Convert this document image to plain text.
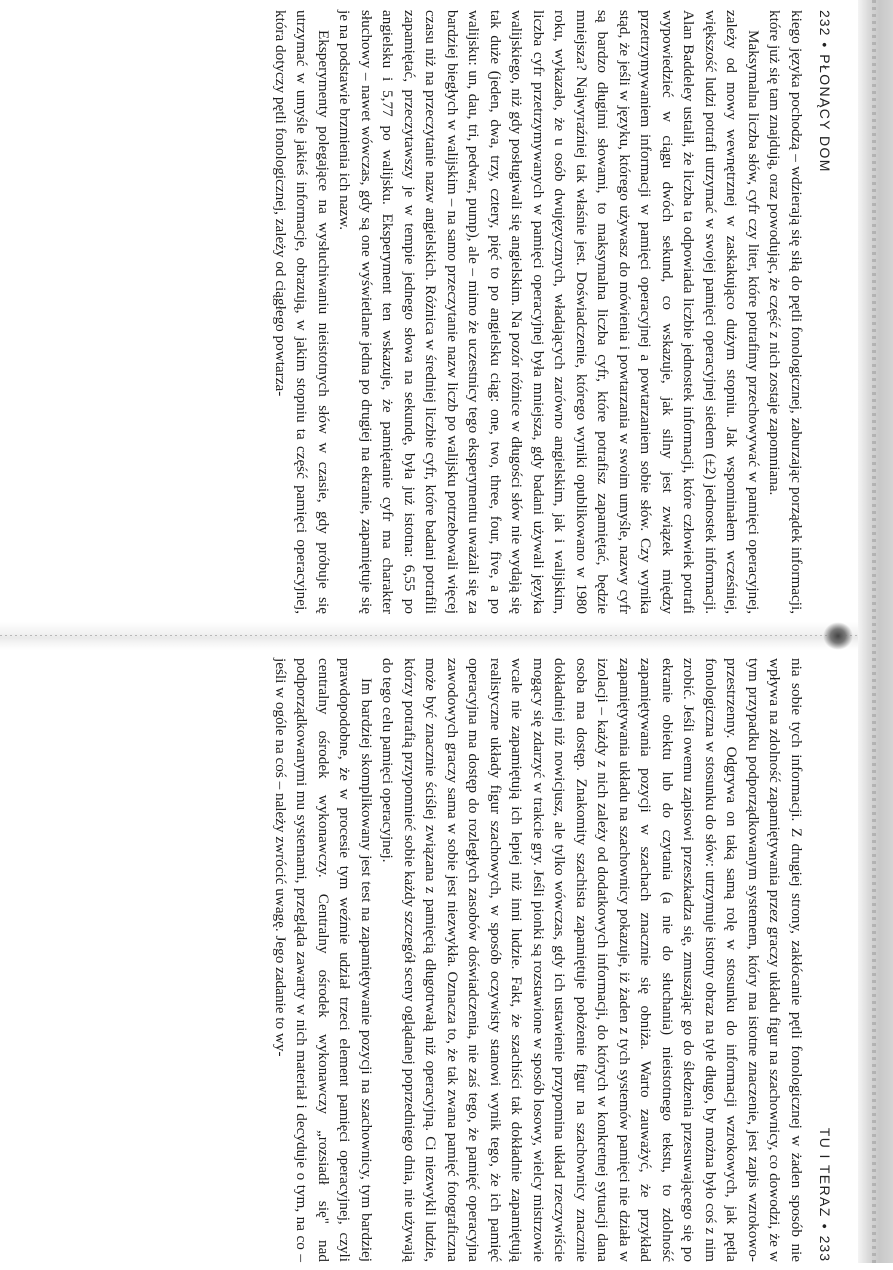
232
•
PŁONĄCY DOM

kiego języka pochodzą – wdzierają się siłą do pętli fonologicznej, zaburzając porządek informacji, które już się tam znajdują, oraz powodując, że część z nich zostaje zapomniana.

Maksymalna liczba słów, cyfr czy liter, które potrafimy przechowywać w pamięci operacyjnej, zależy od mowy wewnętrznej w zaskakująco dużym stopniu. Jak wspominałem wcześniej, większość ludzi potrafi utrzymać w swojej pamięci operacyjnej siedem (±2) jednostek informacji. Alan Baddeley ustalił, że liczba ta odpowiada liczbie jednostek informacji, które człowiek potrafi wypowiedzieć w ciągu dwóch sekund, co wskazuje, jak silny jest związek między przetrzymywaniem informacji w pamięci operacyjnej a powtarzaniem sobie słów. Czy wynika stąd, że jeśli w języku, którego używasz do mówienia i powtarzania w swoim umyśle, nazwy cyfr są bardzo długimi słowami, to maksymalna liczba cyfr, które potrafisz zapamiętać, będzie mniejsza? Najwyraźniej tak właśnie jest. Doświadczenie, którego wyniki opublikowano w 1980 roku, wykazało, że u osób dwujęzycznych, władających zarówno angielskim, jak i walijskim, liczba cyfr przetrzymywanych w pamięci operacyjnej była mniejsza, gdy badani używali języka walijskiego, niż gdy posługiwali się angielskim. Na pozór różnice w długości słów nie wydają się tak duże (jeden, dwa, trzy, cztery, pięć to po angielsku ciąg: one, two, three, four, five, a po walijsku: un, dau, tri, pedwar, pump), ale – mimo że uczestnicy tego eksperymentu uważali się za bardziej biegłych w walijskim – na samo przeczytanie nazw liczb po walijsku potrzebowali więcej czasu niż na przeczytanie nazw angielskich. Różnica w średniej liczbie cyfr, które badani potrafili zapamiętać, przeczytawszy je w tempie jednego słowa na sekundę, była już istotna: 6,55 po angielsku i 5,77 po walijsku. Eksperyment ten wskazuje, że pamiętanie cyfr ma charakter słuchowy – nawet wówczas, gdy są one wyświetlane jedna po drugiej na ekranie, zapamiętuje się je na podstawie brzmienia ich nazw.

Eksperymenty polegające na wysłuchiwaniu nieistotnych słów w czasie, gdy próbuje się utrzymać w umyśle jakieś informacje, obrazują, w jakim stopniu ta część pamięci operacyjnej, która dotyczy pętli fonologicznej, zależy od ciągłego powtarza-

TU I TERAZ
•
233

nia sobie tych informacji. Z drugiej strony, zakłócanie pętli fonologicznej w żaden sposób nie wpływa na zdolność zapamiętywania przez graczy układu figur na szachownicy, co dowodzi, że w tym przypadku podporządkowanym systemem, który ma istotne znaczenie, jest zapis wzrokowo-przestrzenny. Odgrywa on taką samą rolę w stosunku do informacji wzrokowych, jak pętla fonologiczna w stosunku do słów: utrzymuje istotny obraz na tyle długo, by można było coś z nim zrobić. Jeśli owemu zapisowi przeszkadza się, zmuszając go do śledzenia przesuwającego się po ekranie obiektu lub do czytania (a nie do słuchania) nieistotnego tekstu, to zdolność zapamiętywania pozycji w szachach znacznie się obniża. Warto zauważyć, że przykład zapamiętywania układu na szachownicy pokazuje, iż żaden z tych systemów pamięci nie działa w izolacji – każdy z nich zależy od dodatkowych informacji, do których w konkretnej sytuacji dana osoba ma dostęp. Znakomity szachista zapamiętuje położenie figur na szachownicy znacznie dokładniej niż nowicjusz, ale tylko wówczas, gdy ich ustawienie przypomina układ rzeczywiście mogący się zdarzyć w trakcie gry. Jeśli pionki są rozstawione w sposób losowy, wielcy mistrzowie wcale nie zapamiętują ich lepiej niż inni ludzie. Fakt, że szachiści tak dokładnie zapamiętują realistyczne układy figur szachowych, w sposób oczywisty stanowi wynik tego, że ich pamięć operacyjna ma dostęp do rozległych zasobów doświadczenia, nie zaś tego, że pamięć operacyjna zawodowych graczy sama w sobie jest niezwykła. Oznacza to, że tak zwana pamięć fotograficzna może być znacznie ściślej związana z pamięcią długotrwałą niż operacyjną. Ci niezwykli ludzie, którzy potrafią przypomnieć sobie każdy szczegół sceny oglądanej poprzedniego dnia, nie używają do tego celu pamięci operacyjnej.

Im bardziej skomplikowany jest test na zapamiętywanie pozycji na szachownicy, tym bardziej prawdopodobne, że w procesie tym weźmie udział trzeci element pamięci operacyjnej, czyli centralny ośrodek wykonawczy. Centralny ośrodek wykonawczy „rozsiadł się" nad podporządkowanymi mu systemami, przegląda zawarty w nich materiał i decyduje o tym, na co – jeśli w ogóle na coś – należy zwrócić uwagę. Jego zadanie to wy-
